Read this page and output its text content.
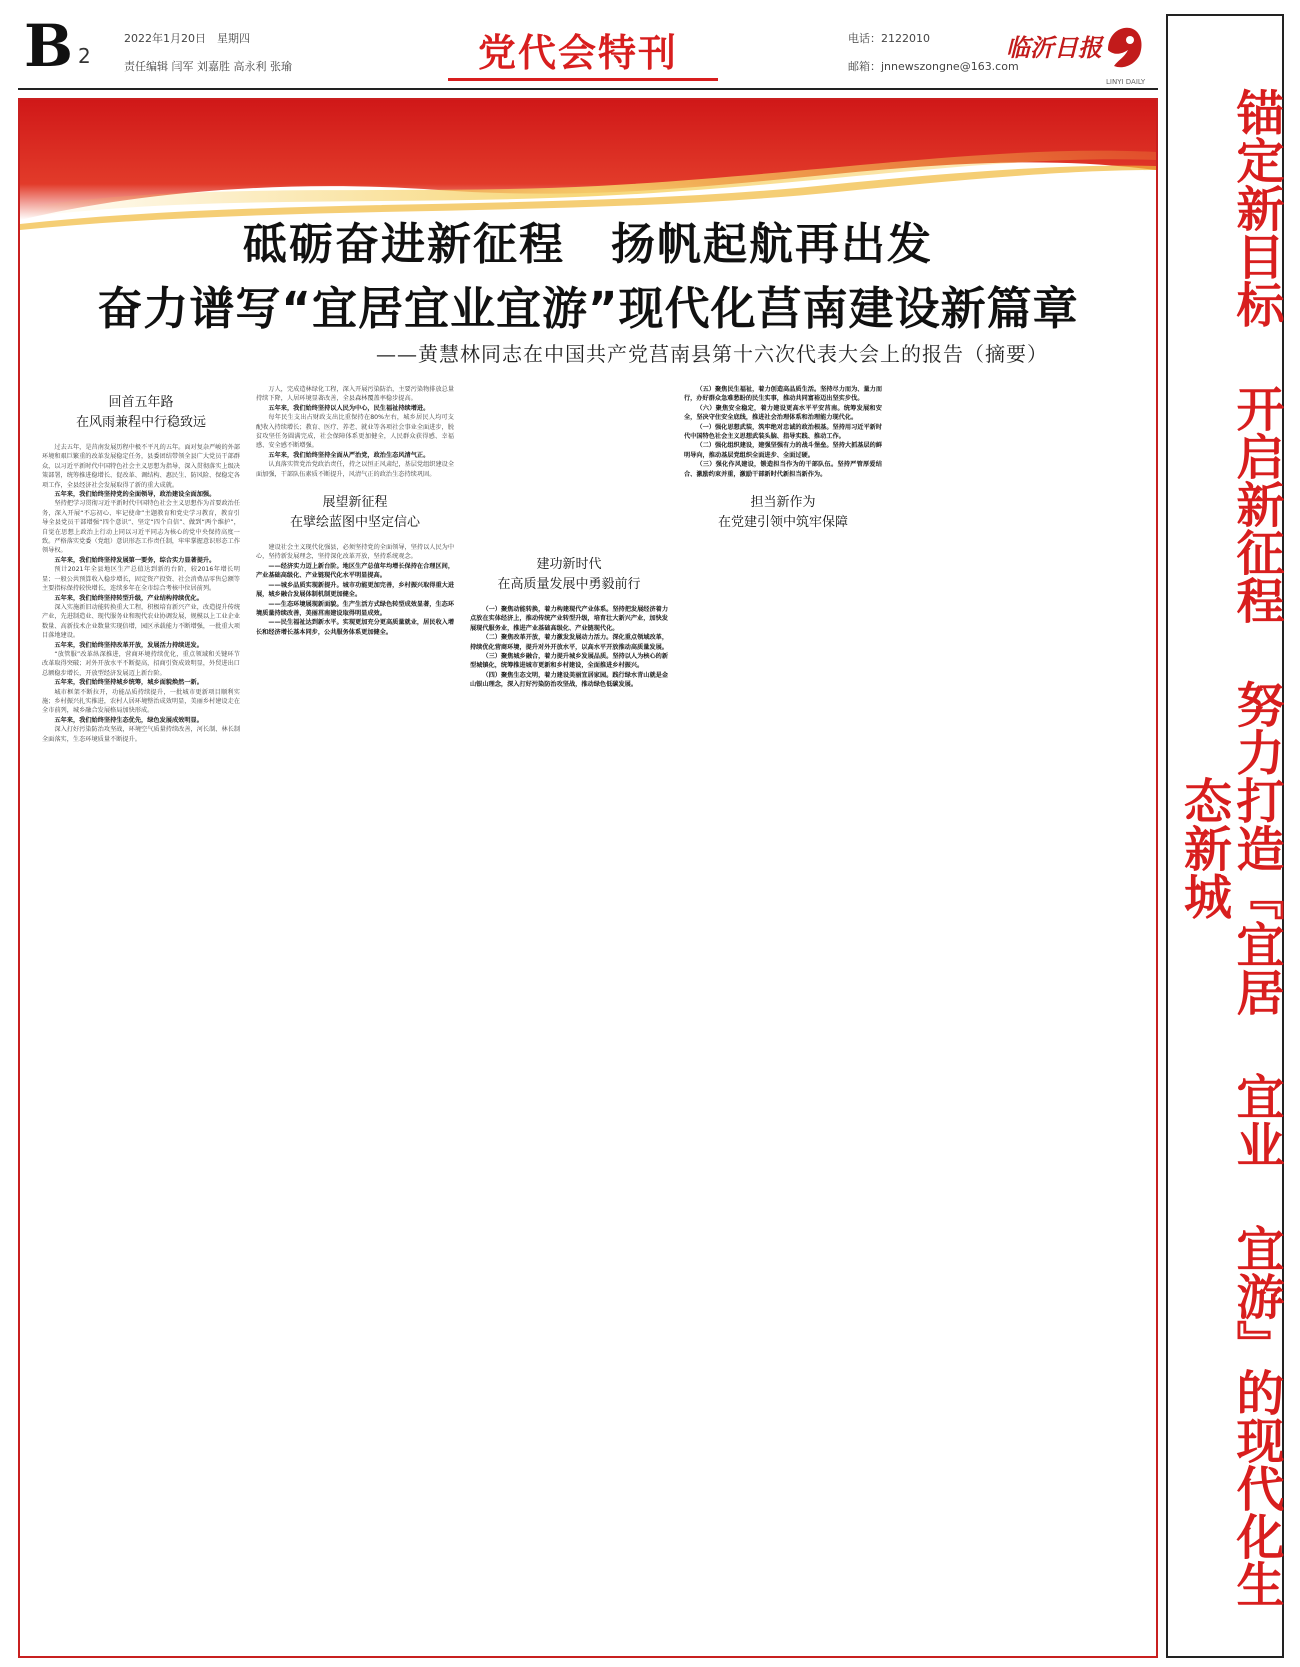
B 2
2022年1月20日　星期四
责任编辑 闫军 刘嘉胜 高永利 张瑜	党代会特刊	电话：2122010
邮箱：jnnewszongne@163.com
临沂日报
LINYI DAILY
砥砺奋进新征程　扬帆起航再出发
奋力谱写“宜居宜业宜游”现代化莒南建设新篇章
——黄慧林同志在中国共产党莒南县第十六次代表大会上的报告（摘要）
回首五年路
在风雨兼程中行稳致远

过去五年，是莒南发展历程中极不平凡的五年。面对复杂严峻的外部环境和艰巨繁重的改革发展稳定任务，县委团结带领全县广大党员干部群众，以习近平新时代中国特色社会主义思想为指导，深入贯彻落实上级决策部署，统筹推进稳增长、促改革、调结构、惠民生、防风险、保稳定各项工作，全县经济社会发展取得了新的重大成就。

五年来，我们始终坚持党的全面领导，政治建设全面加强。

坚持把学习贯彻习近平新时代中国特色社会主义思想作为首要政治任务，深入开展“不忘初心、牢记使命”主题教育和党史学习教育，教育引导全县党员干部增强“四个意识”、坚定“四个自信”、做到“两个维护”，自觉在思想上政治上行动上同以习近平同志为核心的党中央保持高度一致。严格落实党委（党组）意识形态工作责任制，牢牢掌握意识形态工作领导权。

五年来，我们始终坚持发展第一要务，综合实力显著提升。

预计2021年全县地区生产总值达到新的台阶，较2016年增长明显；一般公共预算收入稳步增长，固定资产投资、社会消费品零售总额等主要指标保持较快增长，连续多年在全市综合考核中位居前列。

五年来，我们始终坚持转型升级，产业结构持续优化。

深入实施新旧动能转换重大工程，积极培育新兴产业，改造提升传统产业，先进制造业、现代服务业和现代农业协调发展，规模以上工业企业数量、高新技术企业数量实现倍增，园区承载能力不断增强，一批重大项目落地建设。

五年来，我们始终坚持改革开放，发展活力持续迸发。

“放管服”改革纵深推进，营商环境持续优化，重点领域和关键环节改革取得突破；对外开放水平不断提高，招商引资成效明显，外贸进出口总额稳步增长，开放型经济发展迈上新台阶。

五年来，我们始终坚持城乡统筹，城乡面貌焕然一新。

城市框架不断拉开，功能品质持续提升，一批城市更新项目顺利实施；乡村振兴扎实推进，农村人居环境整治成效明显，美丽乡村建设走在全市前列，城乡融合发展格局加快形成。

五年来，我们始终坚持生态优先，绿色发展成效明显。

深入打好污染防治攻坚战，环境空气质量持续改善，河长制、林长制全面落实，生态环境质量不断提升。

万人，完成造林绿化工程，深入开展污染防治，主要污染物排放总量持续下降，人居环境显著改善，全县森林覆盖率稳步提高。

五年来，我们始终坚持以人民为中心，民生福祉持续增进。

每年民生支出占财政支出比重保持在80%左右，城乡居民人均可支配收入持续增长；教育、医疗、养老、就业等各项社会事业全面进步，脱贫攻坚任务圆满完成，社会保障体系更加健全，人民群众获得感、幸福感、安全感不断增强。

五年来，我们始终坚持全面从严治党，政治生态风清气正。

认真落实管党治党政治责任，持之以恒正风肃纪，基层党组织建设全面加强，干部队伍素质不断提升，风清气正的政治生态持续巩固。

展望新征程
在擘绘蓝图中坚定信心

建设社会主义现代化强县，必须坚持党的全面领导，坚持以人民为中心，坚持新发展理念，坚持深化改革开放，坚持系统观念。

——经济实力迈上新台阶。地区生产总值年均增长保持在合理区间，产业基础高级化、产业链现代化水平明显提高。

——城乡品质实现新提升。城市功能更加完善，乡村振兴取得重大进展，城乡融合发展体制机制更加健全。

——生态环境展现新面貌。生产生活方式绿色转型成效显著，生态环境质量持续改善，美丽莒南建设取得明显成效。

——民生福祉达到新水平。实现更加充分更高质量就业，居民收入增长和经济增长基本同步，公共服务体系更加健全。

建功新时代
在高质量发展中勇毅前行

（一）聚焦动能转换，着力构建现代产业体系。坚持把发展经济着力点放在实体经济上，推动传统产业转型升级，培育壮大新兴产业，加快发展现代服务业，推进产业基础高级化、产业链现代化。

（二）聚焦改革开放，着力激发发展动力活力。深化重点领域改革，持续优化营商环境，提升对外开放水平，以高水平开放推动高质量发展。

（三）聚焦城乡融合，着力提升城乡发展品质。坚持以人为核心的新型城镇化，统筹推进城市更新和乡村建设，全面推进乡村振兴。

（四）聚焦生态文明，着力建设美丽宜居家园。践行绿水青山就是金山银山理念，深入打好污染防治攻坚战，推动绿色低碳发展。

（五）聚焦民生福祉，着力创造高品质生活。坚持尽力而为、量力而行，办好群众急难愁盼的民生实事，推动共同富裕迈出坚实步伐。

（六）聚焦安全稳定，着力建设更高水平平安莒南。统筹发展和安全，坚决守住安全底线，推进社会治理体系和治理能力现代化。

（一）强化思想武装，筑牢绝对忠诚的政治根基。坚持用习近平新时代中国特色社会主义思想武装头脑、指导实践、推动工作。

（二）强化组织建设，建强坚强有力的战斗堡垒。坚持大抓基层的鲜明导向，推动基层党组织全面进步、全面过硬。

（三）强化作风建设，锻造担当作为的干部队伍。坚持严管厚爱结合、激励约束并重，激励干部新时代新担当新作为。

担当新作为
在党建引领中筑牢保障	锚定新目标 开启新征程 努力打造『宜居 宜业 宜游』的现代化生态新城
